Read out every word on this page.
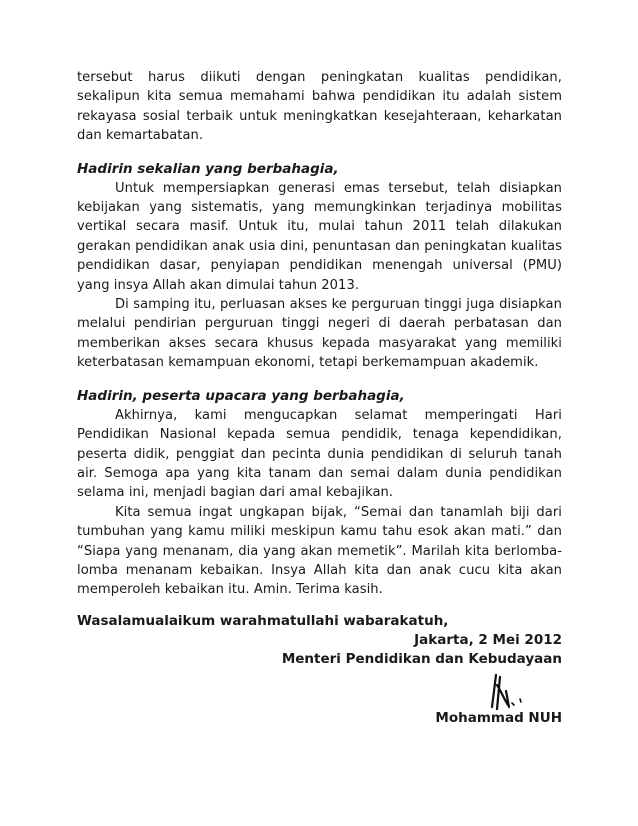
tersebut harus diikuti dengan peningkatan kualitas pendidikan, sekalipun kita semua memahami bahwa pendidikan itu adalah sistem rekayasa sosial terbaik untuk meningkatkan kesejahteraan, keharkatan dan kemartabatan.

Hadirin sekalian yang berbahagia,

Untuk mempersiapkan generasi emas tersebut, telah disiapkan kebijakan yang sistematis, yang memungkinkan terjadinya mobilitas vertikal secara masif. Untuk itu, mulai tahun 2011 telah dilakukan gerakan pendidikan anak usia dini, penuntasan dan peningkatan kualitas pendidikan dasar, penyiapan pendidikan menengah universal (PMU) yang insya Allah akan dimulai tahun 2013.

Di samping itu, perluasan akses ke perguruan tinggi juga disiapkan melalui pendirian perguruan tinggi negeri di daerah perbatasan dan memberikan akses secara khusus kepada masyarakat yang memiliki keterbatasan kemampuan ekonomi, tetapi berkemampuan akademik.

Hadirin, peserta upacara yang berbahagia,

Akhirnya, kami mengucapkan selamat memperingati Hari Pendidikan Nasional kepada semua pendidik, tenaga kependidikan, peserta didik, penggiat dan pecinta dunia pendidikan di seluruh tanah air. Semoga apa yang kita tanam dan semai dalam dunia pendidikan selama ini, menjadi bagian dari amal kebajikan.

Kita semua ingat ungkapan bijak, “Semai dan tanamlah biji dari tumbuhan yang kamu miliki meskipun kamu tahu esok akan mati.” dan “Siapa yang menanam, dia yang akan memetik”. Marilah kita berlomba-lomba menanam kebaikan. Insya Allah kita dan anak cucu kita akan memperoleh kebaikan itu. Amin. Terima kasih.

Wasalamualaikum warahmatullahi wabarakatuh,

Jakarta, 2 Mei 2012
Menteri Pendidikan dan Kebudayaan
Mohammad NUH
